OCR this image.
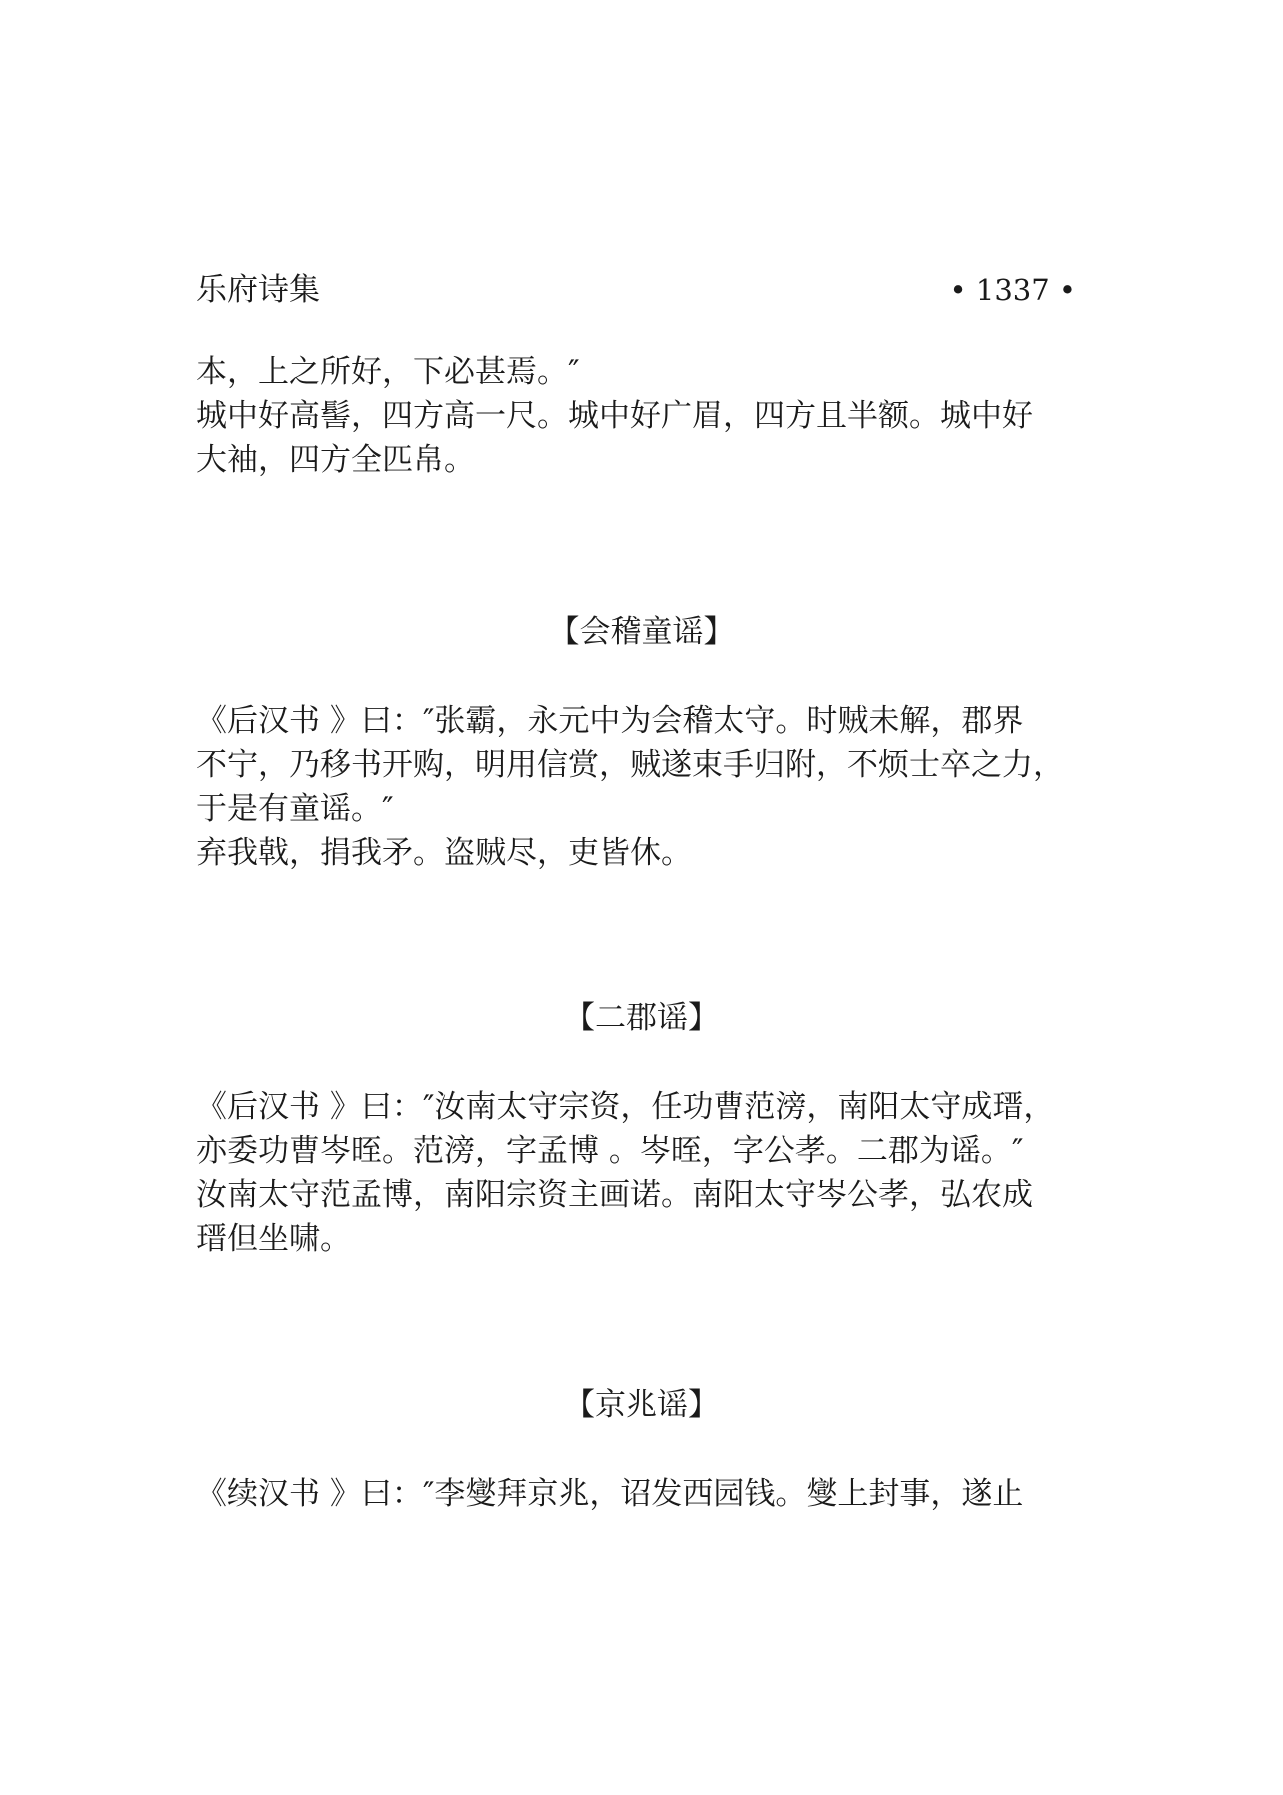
乐府诗集	• 1337 •
本，上之所好，下必甚焉。″
城中好高髻，四方高一尺。城中好广眉，四方且半额。城中好
大袖，四方全匹帛。
【会稽童谣】
《后汉书 》曰：″张霸，永元中为会稽太守。时贼未解，郡界
不宁，乃移书开购，明用信赏，贼遂束手归附，不烦士卒之力，
于是有童谣。″
弃我戟，捐我矛。盗贼尽，吏皆休。
【二郡谣】
《后汉书 》曰：″汝南太守宗资，任功曹范滂，南阳太守成瑨，
亦委功曹岑晊。范滂，字孟博 。岑晊，字公孝。二郡为谣。″
汝南太守范孟博，南阳宗资主画诺。南阳太守岑公孝，弘农成
瑨但坐啸。
【京兆谣】
《续汉书 》曰：″李燮拜京兆，诏发西园钱。燮上封事，遂止
